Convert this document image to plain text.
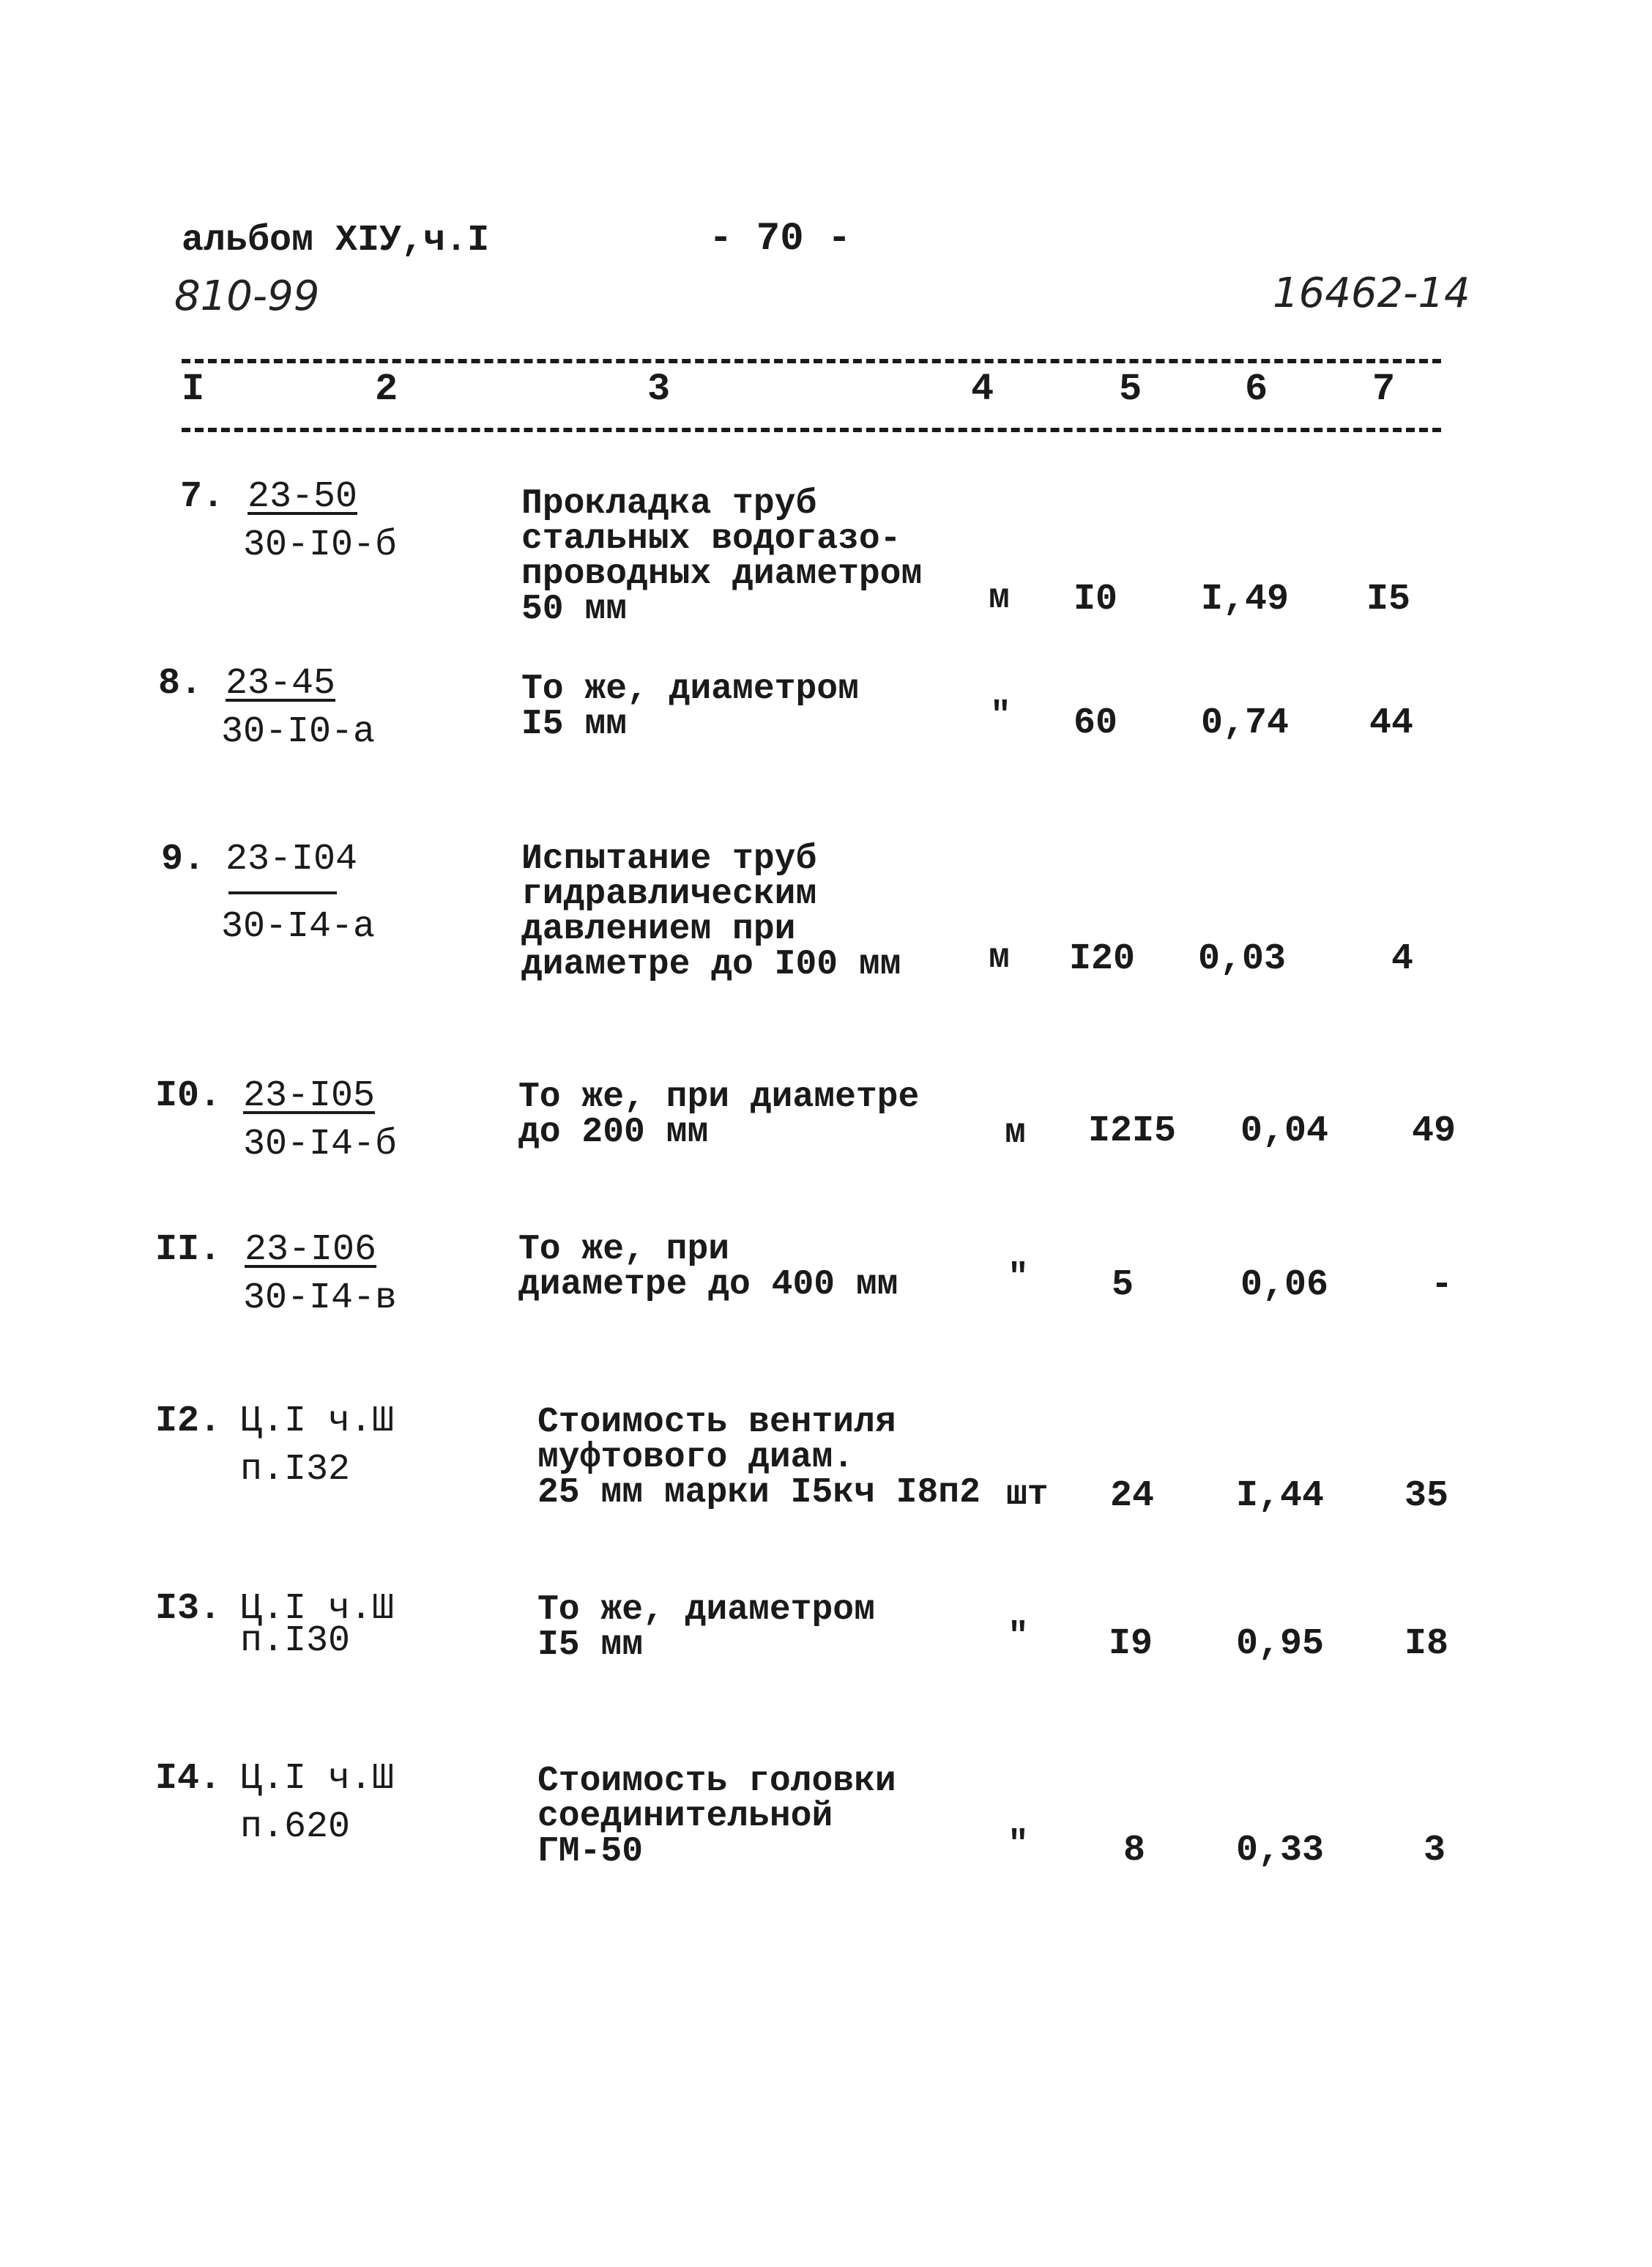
альбом XIУ,ч.I	- 70 -
810-99	16462-14
I	2	3	4	5	6	7
7. 23-50
30-I0-б
Прокладка труб
стальных водогазо-
проводных диаметром
50 мм	м I0 I,49 I5
8. 23-45
30-I0-а
То же, диаметром
I5 мм	" 60 0,74 44
9. 23-I04
30-I4-а
Испытание труб
гидравлическим
давлением при
диаметре до I00 мм м I20 0,03	4
I0. 23-I05
30-I4-б
То же, при диаметре
до 200 мм	м I2I5 0,04 49
II. 23-I06
30-I4-в
То же, при
диаметре до 400 мм	" 5	0,06	-
I2. Ц.I ч.Ш
п.I32
Стоимость вентиля
муфтового диам.
25 мм марки I5кч I8п2 шт 24 I,44 35
I3. Ц.I ч.Ш
п.I30
То же, диаметром
I5 мм	" I9 0,95 I8
I4. Ц.I ч.Ш
п.620
Стоимость головки
соединительной
ГМ-50	"	8 0,33	3
